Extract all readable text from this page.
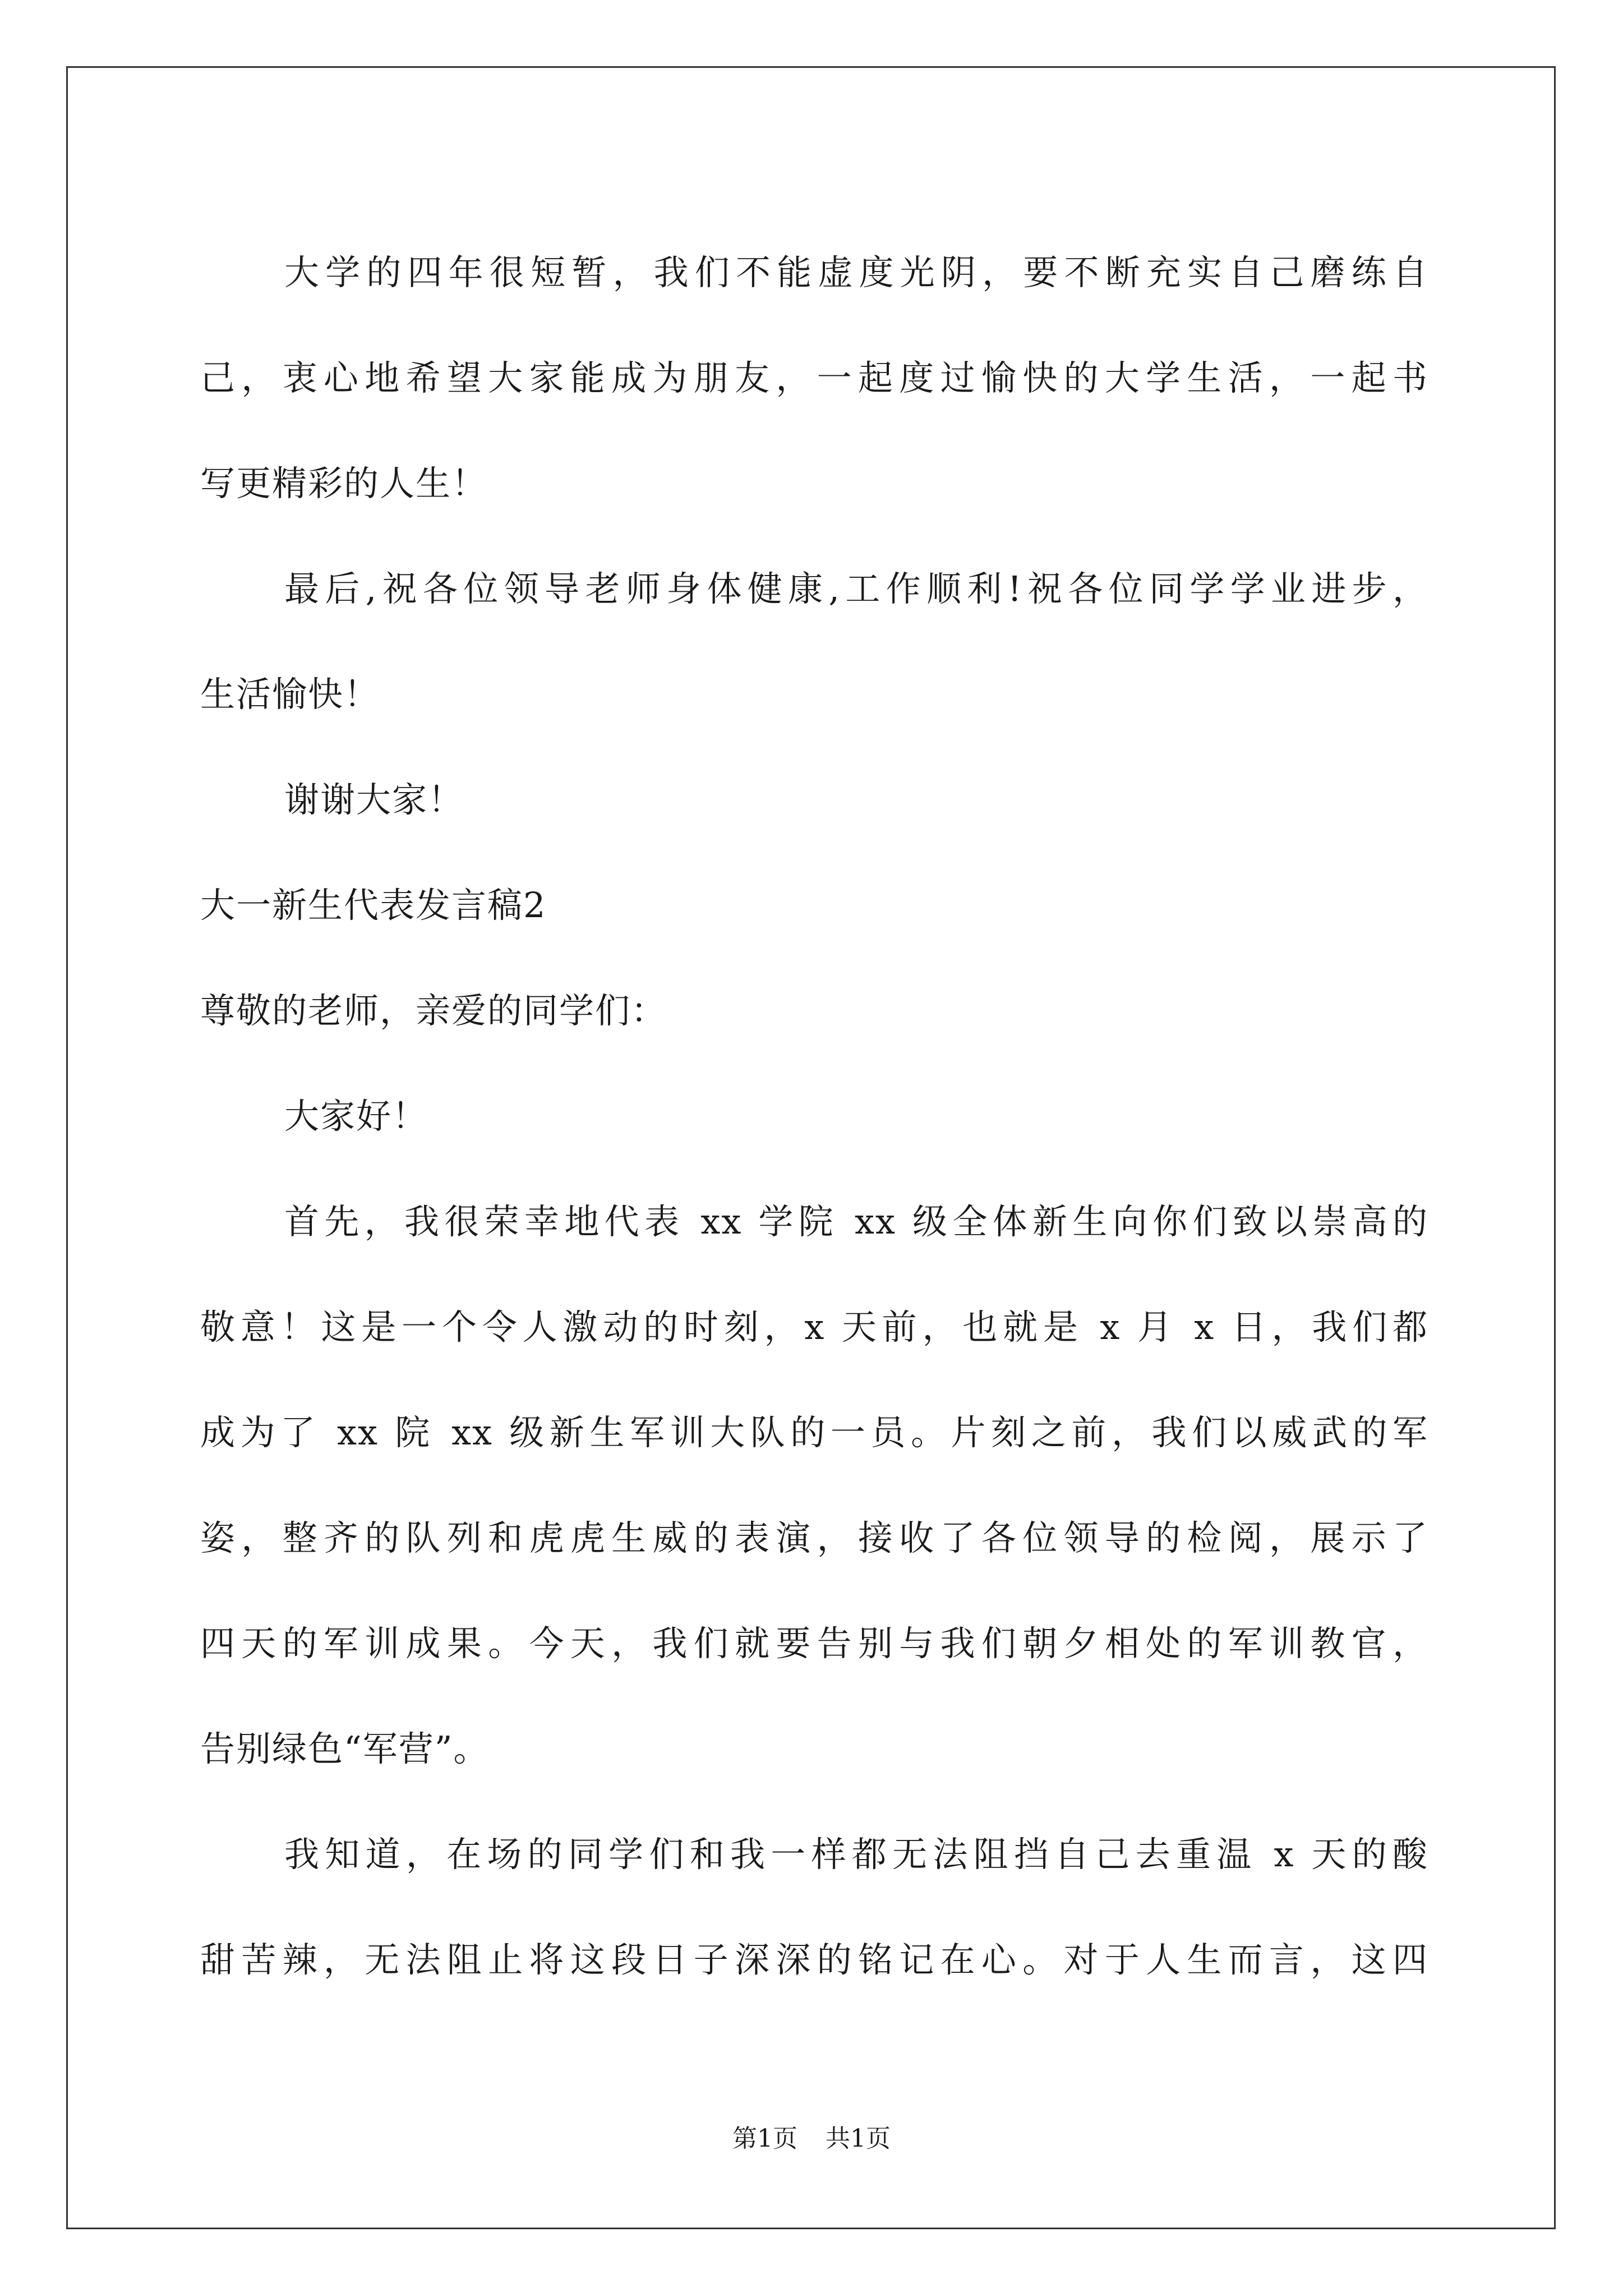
大学的四年很短暂，我们不能虚度光阴，要不断充实自己磨练自

己，衷心地希望大家能成为朋友，一起度过愉快的大学生活，一起书

写更精彩的人生！

最后,祝各位领导老师身体健康,工作顺利!祝各位同学学业进步，

生活愉快！

谢谢大家！

大一新生代表发言稿2

尊敬的老师，亲爱的同学们：

大家好！

首先，我很荣幸地代表 xx 学院 xx 级全体新生向你们致以崇高的

敬意！这是一个令人激动的时刻，x 天前，也就是 x 月 x 日，我们都

成为了 xx 院 xx 级新生军训大队的一员。片刻之前，我们以威武的军

姿，整齐的队列和虎虎生威的表演，接收了各位领导的检阅，展示了

四天的军训成果。今天，我们就要告别与我们朝夕相处的军训教官，

告别绿色“军营”。

我知道，在场的同学们和我一样都无法阻挡自己去重温 x 天的酸

甜苦辣，无法阻止将这段日子深深的铭记在心。对于人生而言，这四

第1页 共1页
